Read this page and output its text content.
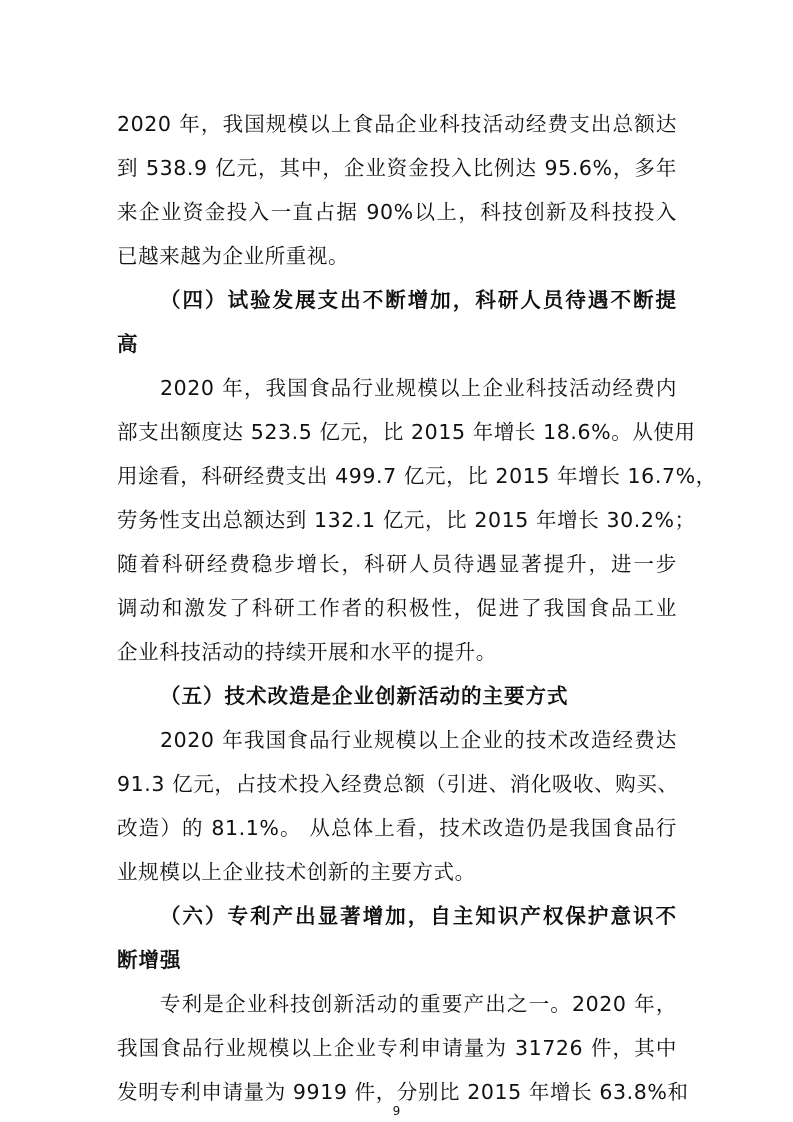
2020 年，我国规模以上食品企业科技活动经费支出总额达
到 538.9 亿元，其中，企业资金投入比例达 95.6%，多年
来企业资金投入一直占据 90%以上，科技创新及科技投入
已越来越为企业所重视。
（四）试验发展支出不断增加，科研人员待遇不断提
高
2020 年，我国食品行业规模以上企业科技活动经费内
部支出额度达 523.5 亿元，比 2015 年增长 18.6%。从使用
用途看，科研经费支出 499.7 亿元，比 2015 年增长 16.7%，
劳务性支出总额达到 132.1 亿元，比 2015 年增长 30.2%；
随着科研经费稳步增长，科研人员待遇显著提升，进一步
调动和激发了科研工作者的积极性，促进了我国食品工业
企业科技活动的持续开展和水平的提升。
（五）技术改造是企业创新活动的主要方式
2020 年我国食品行业规模以上企业的技术改造经费达
91.3 亿元，占技术投入经费总额（引进、消化吸收、购买、
改造）的 81.1%。 从总体上看，技术改造仍是我国食品行
业规模以上企业技术创新的主要方式。
（六）专利产出显著增加，自主知识产权保护意识不
断增强
专利是企业科技创新活动的重要产出之一。2020 年，
我国食品行业规模以上企业专利申请量为 31726 件，其中
发明专利申请量为 9919 件，分别比 2015 年增长 63.8%和
9
